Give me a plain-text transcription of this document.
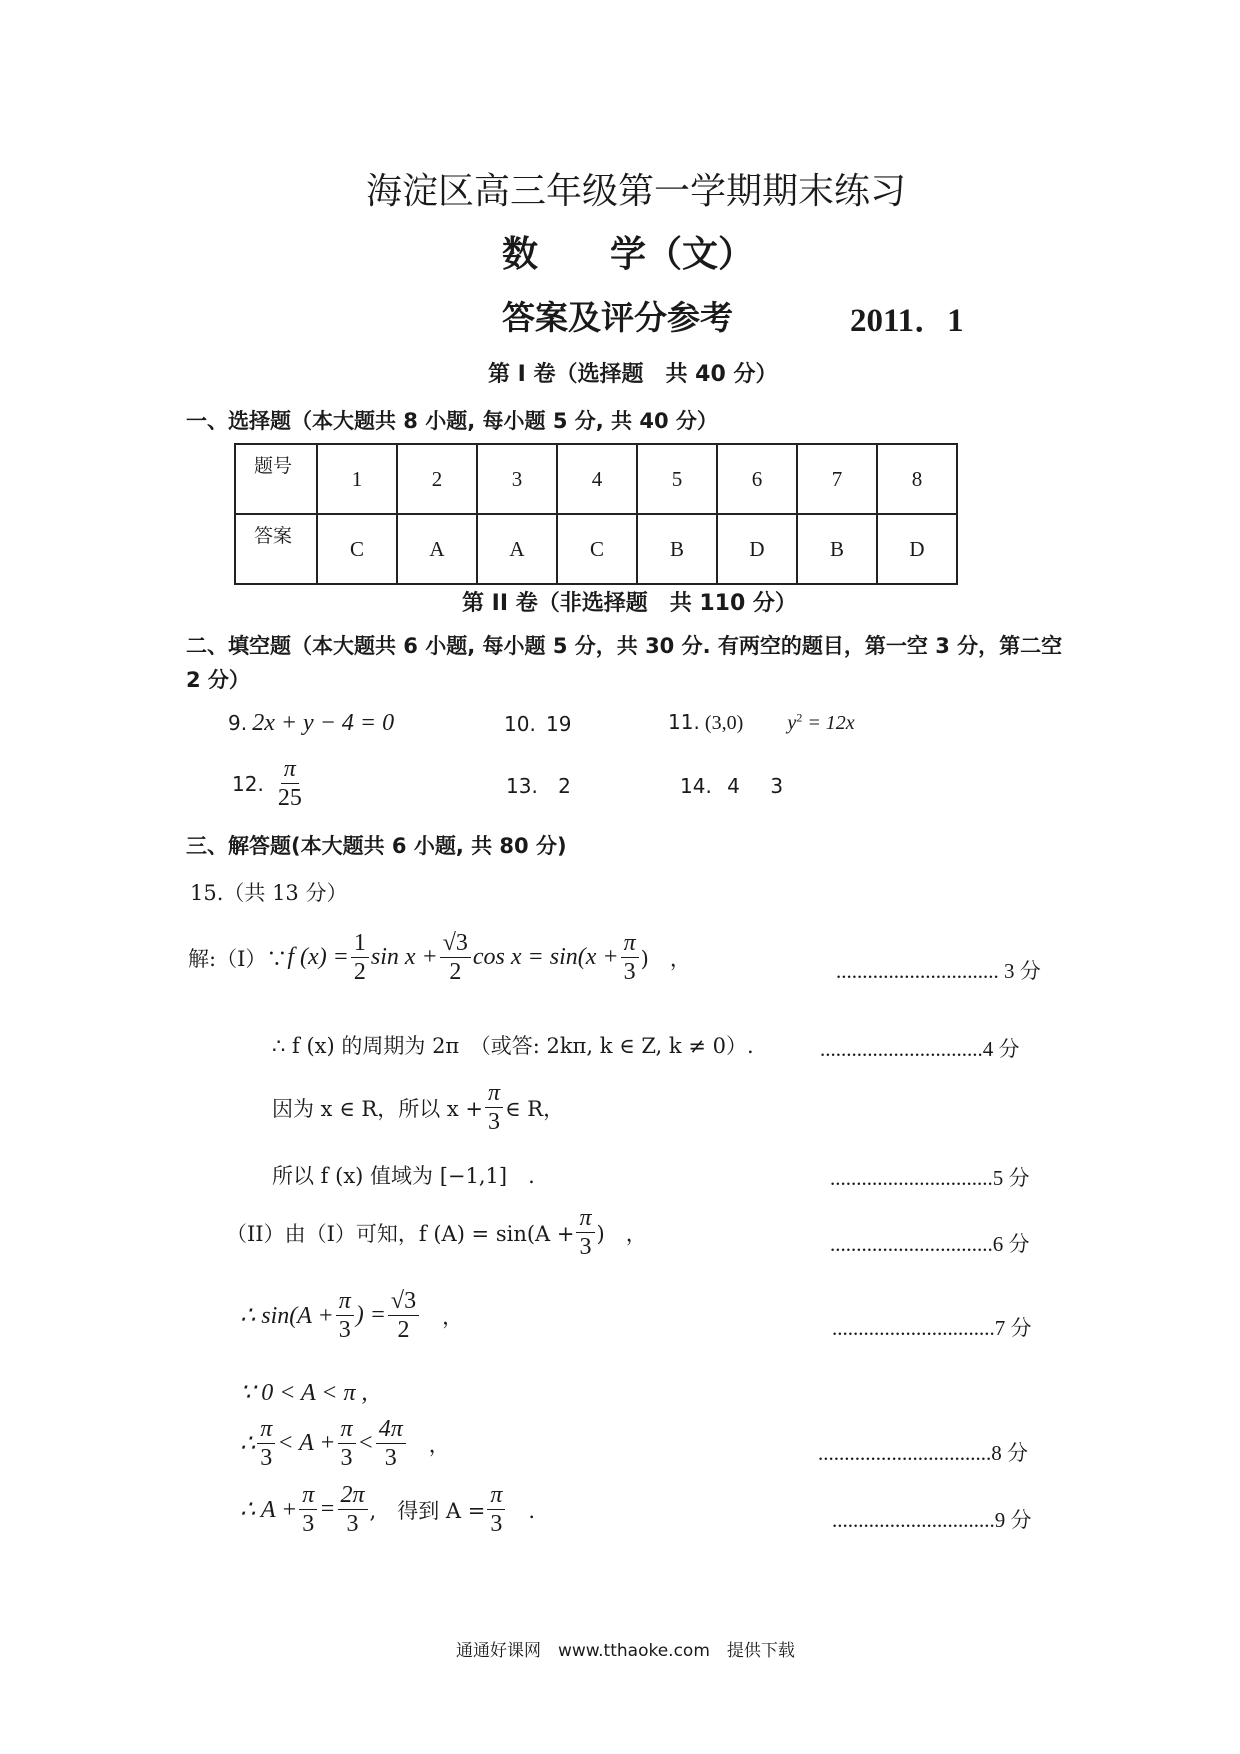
海淀区高三年级第一学期期末练习
数　　学（文）
答案及评分参考	2011．1
第 I 卷（选择题　共 40 分）
一、选择题（本大题共 8 小题, 每小题 5 分, 共 40 分）
题号	1	2	3	4	5	6	7	8
答案	C	A	A	C	B	D	B	D
第 II 卷（非选择题　共 110 分）
二、填空题（本大题共 6 小题, 每小题 5 分，共 30 分. 有两空的题目，第一空 3 分，第二空
2 分）
9. 2x + y − 4 = 0	10. 19	11. (3,0) $y^2 = 12x$
12. $\frac{\pi}{25}$	13. 2	14. 4 3
三、解答题(本大题共 6 小题, 共 80 分)
15.（共 13 分）
解:（I）∵ f $(x) = \frac{1}{2}$ $\sin x + \frac{√3}{2}$ $\cos x = \sin(x + \frac{\pi}{3}$ )　，
............................... 3 分
∴ f (x) 的周期为 2π　（或答: 2kπ, k ∈ Z, k ≠ 0）.	...............................4 分
因为 x ∈ R，所以 $x + \frac{\pi}{3}$ ∈ R，
所以 f (x) 值域为 [−1,1]　.	...............................5 分
（II）由（I）可知，f $(A) = \sin(A + \frac{\pi}{3}$ )　，	...............................6 分
∴ $\sin(A + \frac{\pi}{3}$ ) = $\frac{√3}{2}$ 　，	...............................7 分
∵ 0 < A < π ,
∴ $\frac{\pi}{3} < A + \frac{\pi}{3} < \frac{4\pi}{3}$ 　，	.................................8 分
∴ $A + \frac{\pi}{3} = \frac{2\pi}{3}$ ,　得到 $A = \frac{\pi}{3}$ 　.	...............................9 分
通通好课网　www.tthaoke.com　提供下载
